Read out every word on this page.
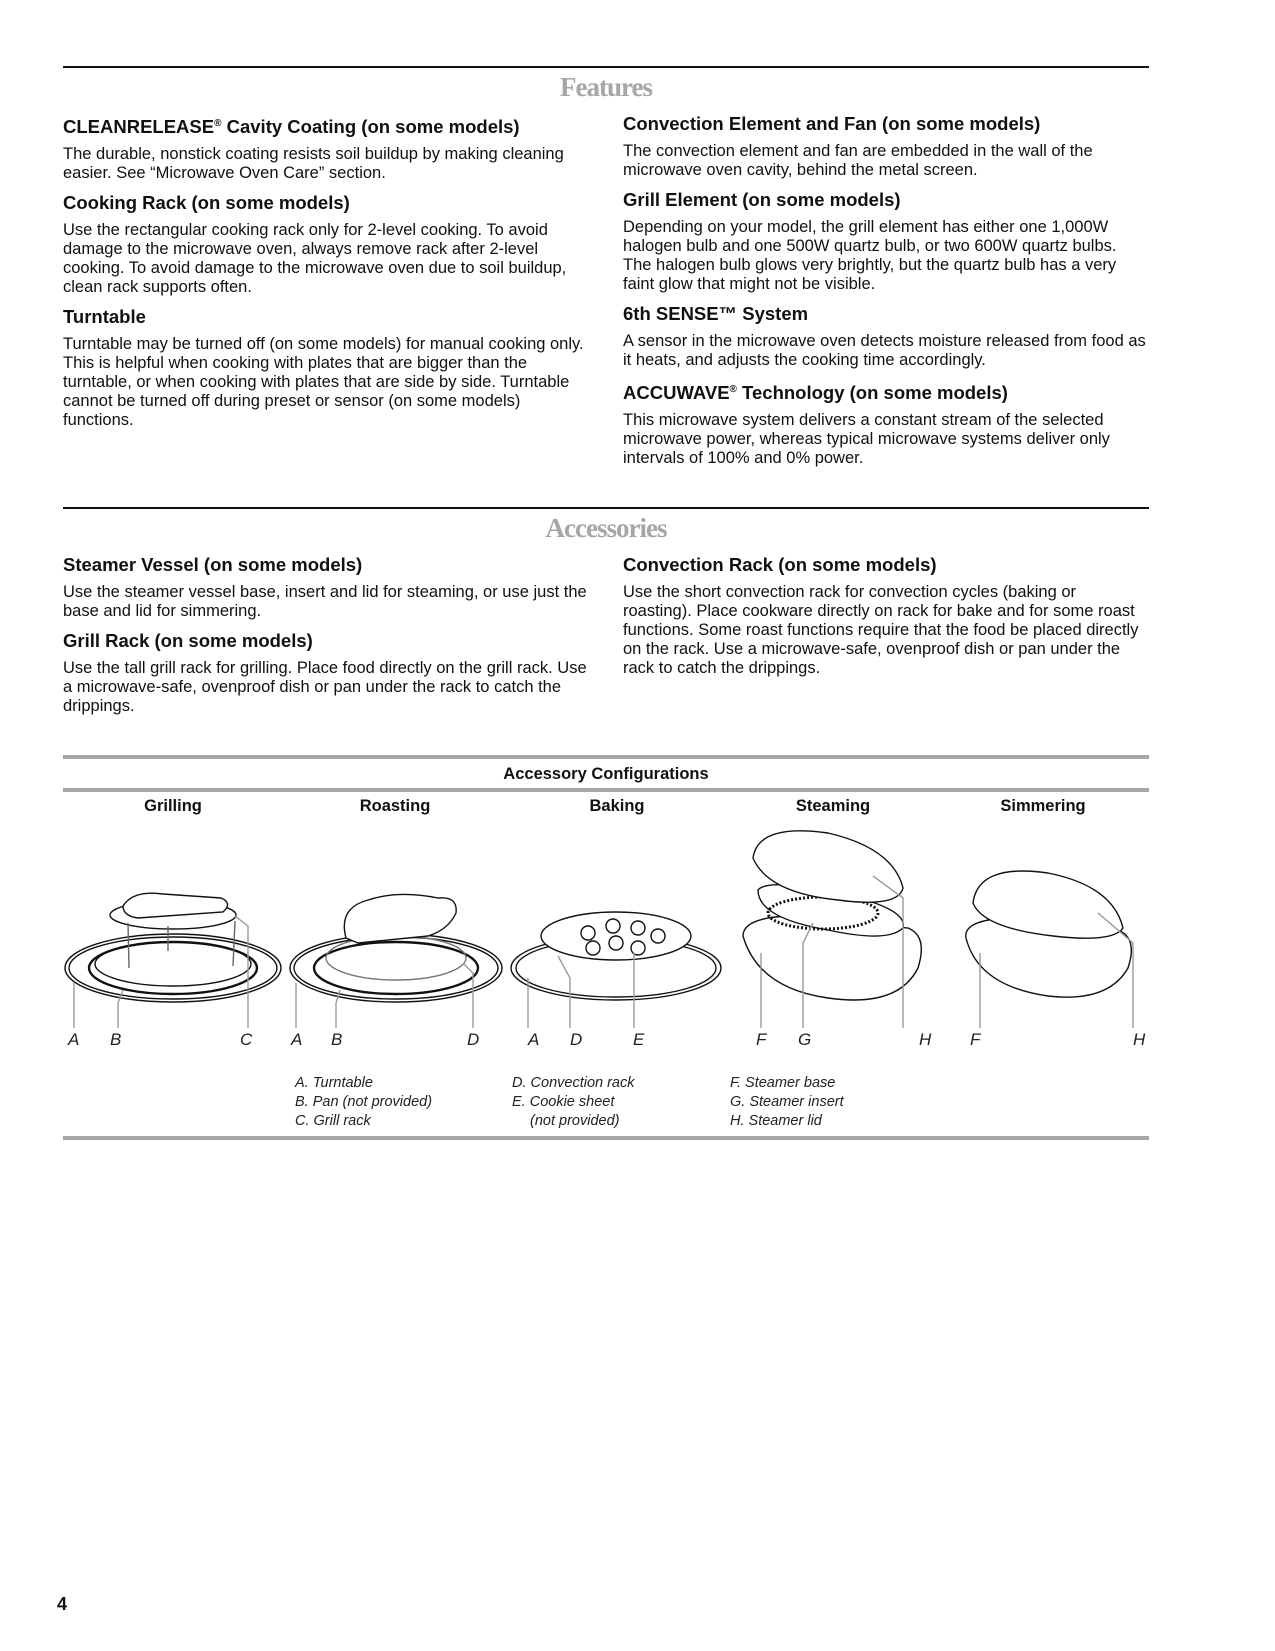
Features
CLEANRELEASE® Cavity Coating (on some models)

The durable, nonstick coating resists soil buildup by making cleaning easier. See “Microwave Oven Care” section.

Cooking Rack (on some models)

Use the rectangular cooking rack only for 2-level cooking. To avoid damage to the microwave oven, always remove rack after 2-level cooking. To avoid damage to the microwave oven due to soil buildup, clean rack supports often.

Turntable

Turntable may be turned off (on some models) for manual cooking only. This is helpful when cooking with plates that are bigger than the turntable, or when cooking with plates that are side by side. Turntable cannot be turned off during preset or sensor (on some models) functions.

Convection Element and Fan (on some models)

The convection element and fan are embedded in the wall of the microwave oven cavity, behind the metal screen.

Grill Element (on some models)

Depending on your model, the grill element has either one 1,000W halogen bulb and one 500W quartz bulb, or two 600W quartz bulbs. The halogen bulb glows very brightly, but the quartz bulb has a very faint glow that might not be visible.

6th SENSE™ System

A sensor in the microwave oven detects moisture released from food as it heats, and adjusts the cooking time accordingly.

ACCUWAVE® Technology (on some models)

This microwave system delivers a constant stream of the selected microwave power, whereas typical microwave systems deliver only intervals of 100% and 0% power.

Accessories
Steamer Vessel (on some models)

Use the steamer vessel base, insert and lid for steaming, or use just the base and lid for simmering.

Grill Rack (on some models)

Use the tall grill rack for grilling. Place food directly on the grill rack. Use a microwave-safe, ovenproof dish or pan under the rack to catch the drippings.

Convection Rack (on some models)

Use the short convection rack for convection cycles (baking or roasting). Place cookware directly on rack for bake and for some roast functions. Some roast functions require that the food be placed directly on the rack. Use a microwave-safe, ovenproof dish or pan under the rack to catch the drippings.

Accessory Configurations
Grilling	Roasting	Baking	Steaming	Simmering
A B	C A B	D	A D	E	F G	H F	H
A. Turntable
B. Pan (not provided)
C. Grill rack
D. Convection rack
E. Cookie sheet
(not provided)
F. Steamer base
G. Steamer insert
H. Steamer lid
4
